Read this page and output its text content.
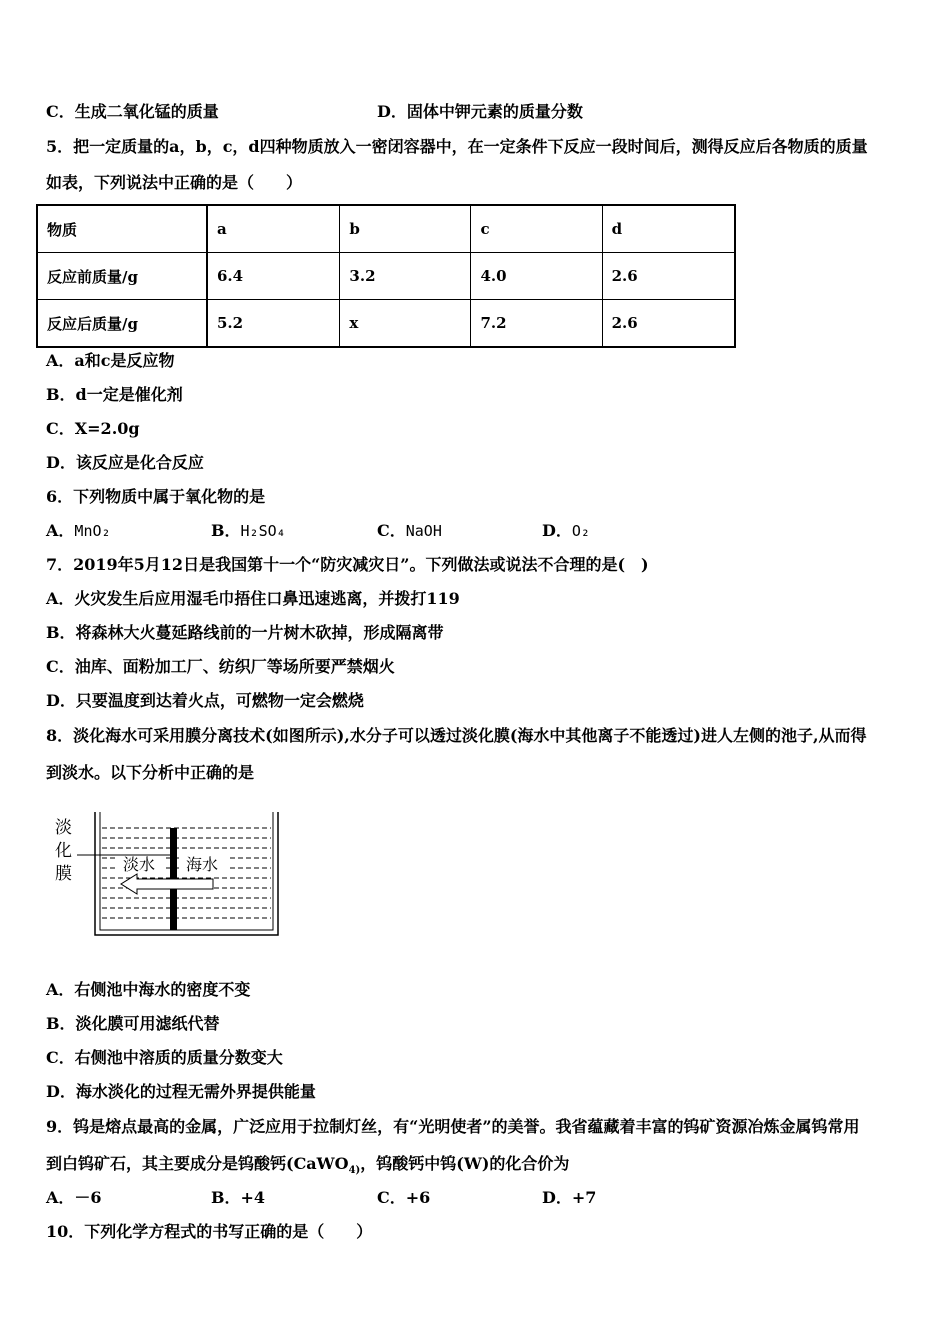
C．生成二氧化锰的质量	D．固体中钾元素的质量分数
5．把一定质量的a，b，c，d四种物质放入一密闭容器中，在一定条件下反应一段时间后，测得反应后各物质的质量
如表，下列说法中正确的是（　　）
物质	a	b	c	d
反应前质量/g	6.4	3.2	4.0	2.6
反应后质量/g	5.2	x	7.2	2.6
A．a和c是反应物
B．d一定是催化剂
C．X=2.0g
D．该反应是化合反应
6．下列物质中属于氧化物的是
A．MnO₂	B．H₂SO₄	C．NaOH	D．O₂
7．2019年5月12日是我国第十一个“防灾减灾日”。下列做法或说法不合理的是(　)
A．火灾发生后应用湿毛巾捂住口鼻迅速逃离，并拨打119
B．将森林大火蔓延路线前的一片树木砍掉，形成隔离带
C．油库、面粉加工厂、纺织厂等场所要严禁烟火
D．只要温度到达着火点，可燃物一定会燃烧
8．淡化海水可采用膜分离技术(如图所示),水分子可以透过淡化膜(海水中其他离子不能透过)进人左侧的池子,从而得
到淡水。以下分析中正确的是
淡
化
膜	淡水 海水
A．右侧池中海水的密度不变
B．淡化膜可用滤纸代替
C．右侧池中溶质的质量分数变大
D．海水淡化的过程无需外界提供能量
9．钨是熔点最高的金属，广泛应用于拉制灯丝，有“光明使者”的美誉。我省蕴藏着丰富的钨矿资源冶炼金属钨常用
到白钨矿石，其主要成分是钨酸钙(CaWO$_{4)}$，钨酸钙中钨(W)的化合价为
A．－6	B．+4	C．+6	D．+7
10．下列化学方程式的书写正确的是（　　）
